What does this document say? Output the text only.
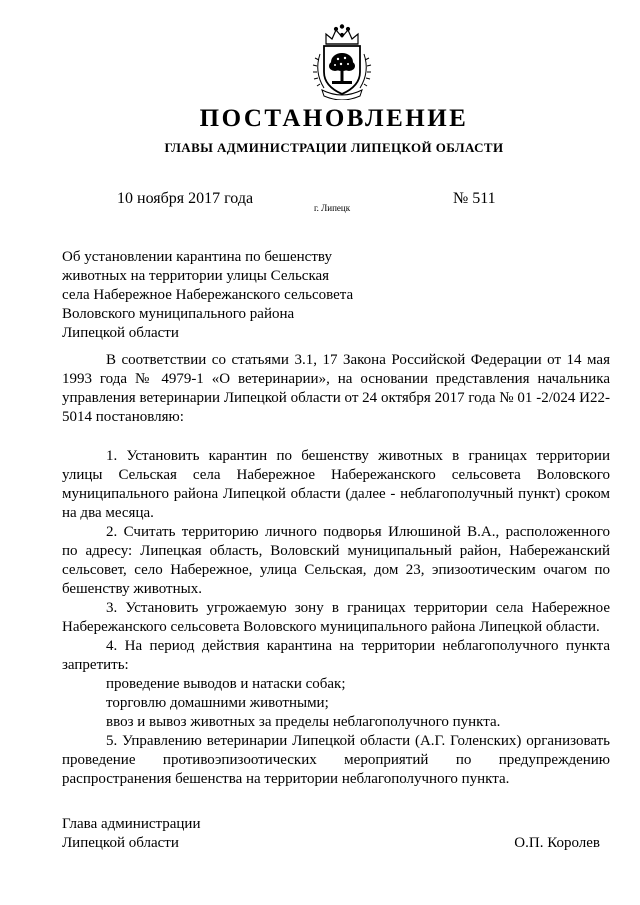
ПОСТАНОВЛЕНИЕ
ГЛАВЫ АДМИНИСТРАЦИИ ЛИПЕЦКОЙ ОБЛАСТИ
10 ноября 2017 года
г. Липецк
№ 511
Об установлении карантина по бешенству
животных на территории улицы Сельская
села Набережное Набережанского сельсовета
Воловского муниципального района
Липецкой области

В соответствии со статьями 3.1, 17 Закона Российской Федерации от 14 мая 1993 года № 4979-1 «О ветеринарии», на основании представления начальника управления ветеринарии Липецкой области от 24 октября 2017 года № 01 -2/024 И22-5014 постановляю:

1. Установить карантин по бешенству животных в границах территории улицы Сельская села Набережное Набережанского сельсовета Воловского муниципального района Липецкой области (далее - неблагополучный пункт) сроком на два месяца.

2. Считать территорию личного подворья Илюшиной В.А., расположенного по адресу: Липецкая область, Воловский муниципальный район, Набережанский сельсовет, село Набережное, улица Сельская, дом 23, эпизоотическим очагом по бешенству животных.

3. Установить угрожаемую зону в границах территории села Набережное Набережанского сельсовета Воловского муниципального района Липецкой области.

4. На период действия карантина на территории неблагополучного пункта запретить:

проведение выводов и натаски собак;

торговлю домашними животными;

ввоз и вывоз животных за пределы неблагополучного пункта.

5. Управлению ветеринарии Липецкой области (А.Г. Голенских) организовать проведение противоэпизоотических мероприятий по предупреждению распространения бешенства на территории неблагополучного пункта.

Глава администрации
Липецкой области	О.П. Королев
